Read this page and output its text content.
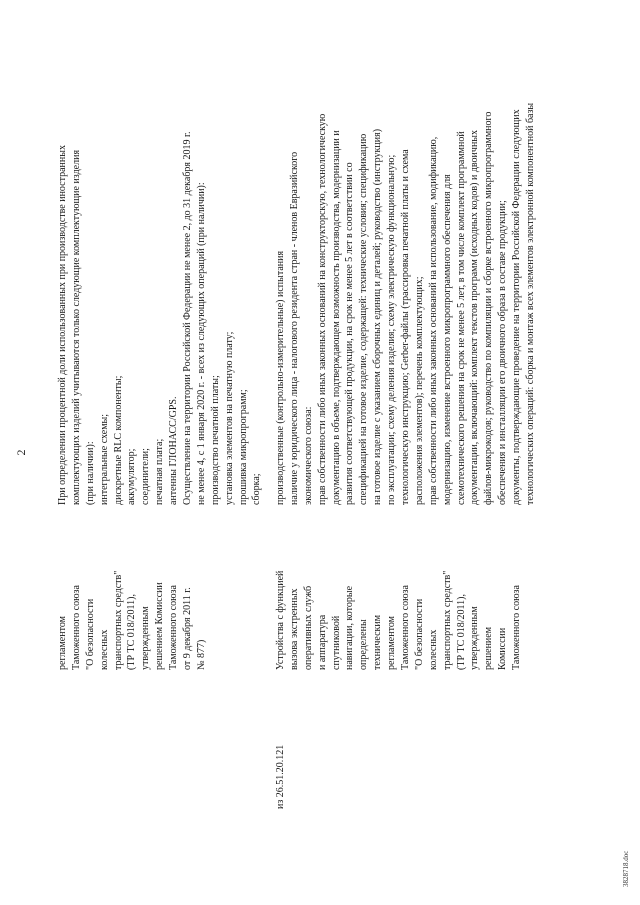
2
регламентом Таможенного союза "О безопасности колесных транспортных средств" (ТР ТС 018/2011), утвержденным решением Комиссии Таможенного союза от 9 декабря 2011 г. № 877)
При определении процентной доли использованных при производстве иностранных комплектующих изделий учитываются только следующие комплектующие изделия (при наличии): интегральные схемы; дискретные RLC компоненты; аккумулятор; соединители; печатная плата; антенны ГЛОНАСС/GPS. Осуществление на территории Российской Федерации не менее 2, до 31 декабря 2019 г. не менее 4, с 1 января 2020 г. - всех из следующих операций (при наличии): производство печатной платы; установка элементов на печатную плату; прошивка микропрограмм; сборка;
из 26.51.20.121
Устройства с функцией вызова экстренных оперативных служб и аппаратура спутниковой навигации, которые определены техническим регламентом Таможенного союза "О безопасности колесных транспортных средств" (ТР ТС 018/2011), утвержденным решением Комиссии Таможенного союза
производственные (контрольно-измерительные) испытания наличие у юридического лица - налогового резидента стран - членов Евразийского экономического союза: прав собственности либо иных законных оснований на конструкторскую, технологическую документацию в объеме, подтверждающем возможность производства, модернизации и развития соответствующей продукции, на срок не менее 5 лет в соответствии со спецификацией на готовое изделие, содержащей: технические условия; спецификацию на готовое изделие с указанием сборочных единиц и деталей; руководство (инструкция) по эксплуатации; схему деления изделия; схему электрическую функциональную; технологическую инструкцию; Gerber-файлы (трассировка печатной платы и схема расположения элементов); перечень комплектующих; прав собственности либо иных законных оснований на использование, модификацию, модернизацию, изменение встроенного микропрограммного обеспечения для схемотехнического решения на срок не менее 5 лет, в том числе комплект программной документации, включающий: комплект текстов программ (исходных кодов) и двоичных файлов-микрокодов; руководство по компиляции и сборке встроенного микропрограммного обеспечения и инсталляции его двоичного образа в составе продукции; документы, подтверждающие проведение на территории Российской Федерации следующих технологических операций: сборка и монтаж всех элементов электронной компонентной базы
3828718.doc
